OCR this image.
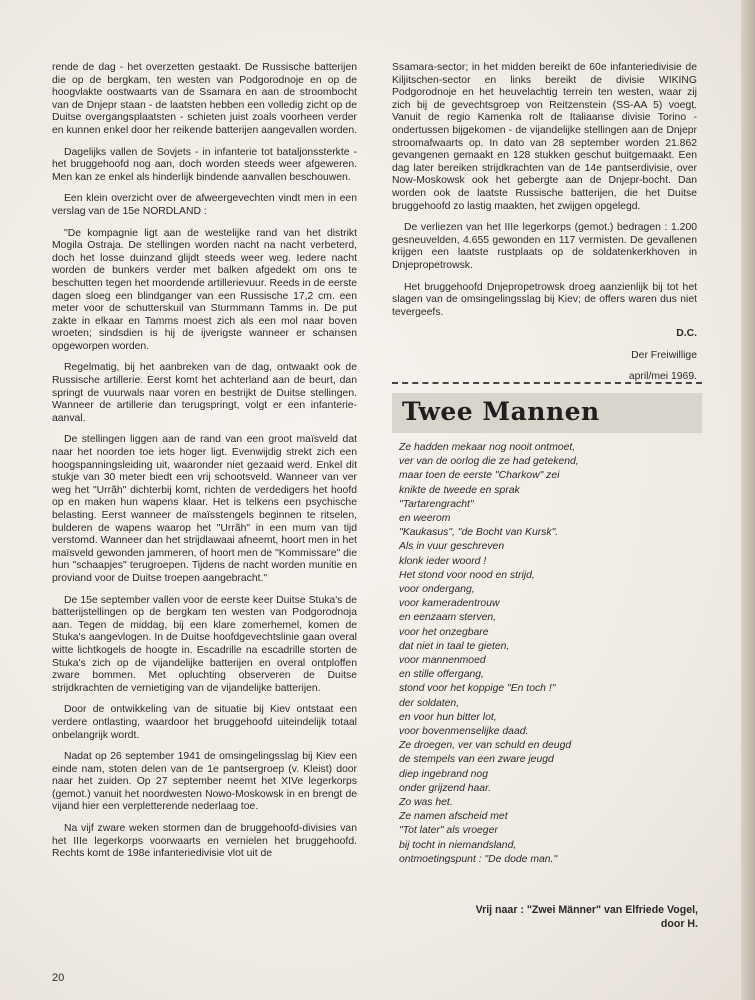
rende de dag - het overzetten gestaakt. De Russische batterijen die op de bergkam, ten westen van Podgorodnoje en op de hoogvlakte oostwaarts van de Ssamara en aan de stroombocht van de Dnjepr staan - de laatsten hebben een volledig zicht op de Duitse overgangsplaatsten - schieten juist zoals voorheen verder en kunnen enkel door her reikende batterijen aangevallen worden.

Dagelijks vallen de Sovjets - in infanterie tot bataljonssterkte - het bruggehoofd nog aan, doch worden steeds weer afgeweren. Men kan ze enkel als hinderlijk bindende aanvallen beschouwen.

Een klein overzicht over de afweergevechten vindt men in een verslag van de 15e NORDLAND :

"De kompagnie ligt aan de westelijke rand van het distrikt Mogila Ostraja. De stellingen worden nacht na nacht verbeterd, doch het losse duinzand glijdt steeds weer weg. Iedere nacht worden de bunkers verder met balken afgedekt om ons te beschutten tegen het moordende artillerievuur. Reeds in de eerste dagen sloeg een blindganger van een Russische 17,2 cm. een meter voor de schutterskuil van Sturmmann Tamms in. De put zakte in elkaar en Tamms moest zich als een mol naar boven wroeten; sindsdien is hij de ijverigste wanneer er schansen opgeworpen worden.

Regelmatig, bij het aanbreken van de dag, ontwaakt ook de Russische artillerie. Eerst komt het achterland aan de beurt, dan springt de vuurwals naar voren en bestrijkt de Duitse stellingen. Wanneer de artillerie dan terugspringt, volgt er een infanterie-aanval.

De stellingen liggen aan de rand van een groot maïsveld dat naar het noorden toe iets hoger ligt. Evenwijdig strekt zich een hoogspanningsleiding uit, waaronder niet gezaaid werd. Enkel dit stukje van 30 meter biedt een vrij schootsveld. Wanneer van ver weg het "Urrãh" dichterbij komt, richten de verdedigers het hoofd op en maken hun wapens klaar. Het is telkens een psychische belasting. Eerst wanneer de maïsstengels beginnen te ritselen, bulderen de wapens waarop het "Urrãh" in een mum van tijd verstomd. Wanneer dan het strijdlawaai afneemt, hoort men in het maïsveld gewonden jammeren, of hoort men de "Kommissare" die hun "schaapjes" terugroepen. Tijdens de nacht worden munitie en proviand voor de Duitse troepen aangebracht."

De 15e september vallen voor de eerste keer Duitse Stuka's de batterijstellingen op de bergkam ten westen van Podgorodnoja aan. Tegen de middag, bij een klare zomerhemel, komen de Stuka's aangevlogen. In de Duitse hoofdgevechtslinie gaan overal witte lichtkogels de hoogte in. Escadrille na escadrille storten de Stuka's zich op de vijandelijke batterijen en overal ontploffen zware bommen. Met opluchting observeren de Duitse strijdkrachten de vernietiging van de vijandelijke batterijen.

Door de ontwikkeling van de situatie bij Kiev ontstaat een verdere ontlasting, waardoor het bruggehoofd uiteindelijk totaal onbelangrijk wordt.

Nadat op 26 september 1941 de omsingelingsslag bij Kiev een einde nam, stoten delen van de 1e pantsergroep (v. Kleist) door naar het zuiden. Op 27 september neemt het XIVe legerkorps (gemot.) vanuit het noordwesten Nowo-Moskowsk in en brengt de vijand hier een verpletterende nederlaag toe.

Na vijf zware weken stormen dan de bruggehoofd-divisies van het IIIe legerkorps voorwaarts en vernielen het bruggehoofd. Rechts komt de 198e infanteriedivisie vlot uit de

Ssamara-sector; in het midden bereikt de 60e infanteriedivisie de Kiljitschen-sector en links bereikt de divisie WIKING Podgorodnoje en het heuvelachtig terrein ten westen, waar zij zich bij de gevechtsgroep von Reitzenstein (SS-AA 5) voegt. Vanuit de regio Kamenka rolt de Italiaanse divisie Torino - ondertussen bijgekomen - de vijandelijke stellingen aan de Dnjepr stroomafwaarts op. In dato van 28 september worden 21.862 gevangenen gemaakt en 128 stukken geschut buitgemaakt. Een dag later bereiken strijdkrachten van de 14e pantserdivisie, over Now-Moskowsk ook het gebergte aan de Dnjepr-bocht. Dan worden ook de laatste Russische batterijen, die het Duitse bruggehoofd zo lastig maakten, het zwijgen opgelegd.

De verliezen van het IIIe legerkorps (gemot.) bedragen : 1.200 gesneuvelden, 4.655 gewonden en 117 vermisten. De gevallenen krijgen een laatste rustplaats op de soldatenkerkhoven in Dnjepropetrowsk.

Het bruggehoofd Dnjepropetrowsk droeg aanzienlijk bij tot het slagen van de omsingelingsslag bij Kiev; de offers waren dus niet tevergeefs.

D.C.

Der Freiwillige

april/mei 1969.

Twee Mannen
Ze hadden mekaar nog nooit ontmoet,
ver van de oorlog die ze had getekend,
maar toen de eerste "Charkow" zei
knikte de tweede en sprak
"Tartarengracht"
en weerom
"Kaukasus", "de Bocht van Kursk".
Als in vuur geschreven
klonk ieder woord !
Het stond voor nood en strijd,
voor ondergang,
voor kameradentrouw
en eenzaam sterven,
voor het onzegbare
dat niet in taal te gieten,
voor mannenmoed
en stille offergang,
stond voor het koppige "En toch !"
der soldaten,
en voor hun bitter lot,
voor bovenmenselijke daad.
Ze droegen, ver van schuld en deugd
de stempels van een zware jeugd
diep ingebrand nog
onder grijzend haar.
Zo was het.
Ze namen afscheid met
"Tot later" als vroeger
bij tocht in niemandsland,
ontmoetingspunt : "De dode man."
Vrij naar : "Zwei Männer" van Elfriede Vogel,
door H.
20
